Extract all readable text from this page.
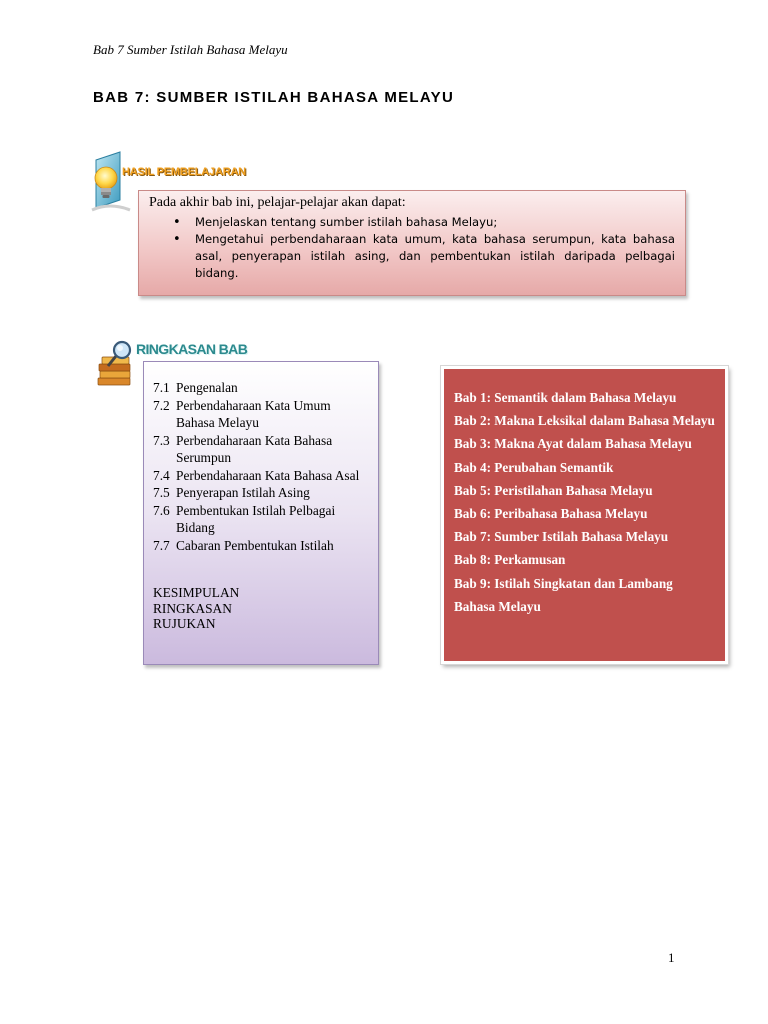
Bab 7 Sumber Istilah Bahasa Melayu
BAB 7: SUMBER ISTILAH BAHASA MELAYU
HASIL PEMBELAJARAN

Pada akhir bab ini, pelajar-pelajar akan dapat:

• Menjelaskan tentang sumber istilah bahasa Melayu;
• Mengetahui perbendaharaan kata umum, kata bahasa serumpun, kata bahasa asal, penyerapan istilah asing, dan pembentukan istilah daripada pelbagai bidang.
RINGKASAN BAB
7.1 Pengenalan
7.2 Perbendaharaan Kata Umum Bahasa Melayu
7.3 Perbendaharaan Kata Bahasa Serumpun
7.4 Perbendaharaan Kata Bahasa Asal
7.5 Penyerapan Istilah Asing
7.6 Pembentukan Istilah Pelbagai Bidang
7.7 Cabaran Pembentukan Istilah
KESIMPULAN
RINGKASAN
RUJUKAN
Bab 1: Semantik dalam Bahasa Melayu
Bab 2: Makna Leksikal dalam Bahasa Melayu
Bab 3: Makna Ayat dalam Bahasa Melayu
Bab 4: Perubahan Semantik
Bab 5: Peristilahan Bahasa Melayu
Bab 6: Peribahasa Bahasa Melayu
Bab 7: Sumber Istilah Bahasa Melayu
Bab 8: Perkamusan
Bab 9: Istilah Singkatan dan Lambang Bahasa Melayu
1
